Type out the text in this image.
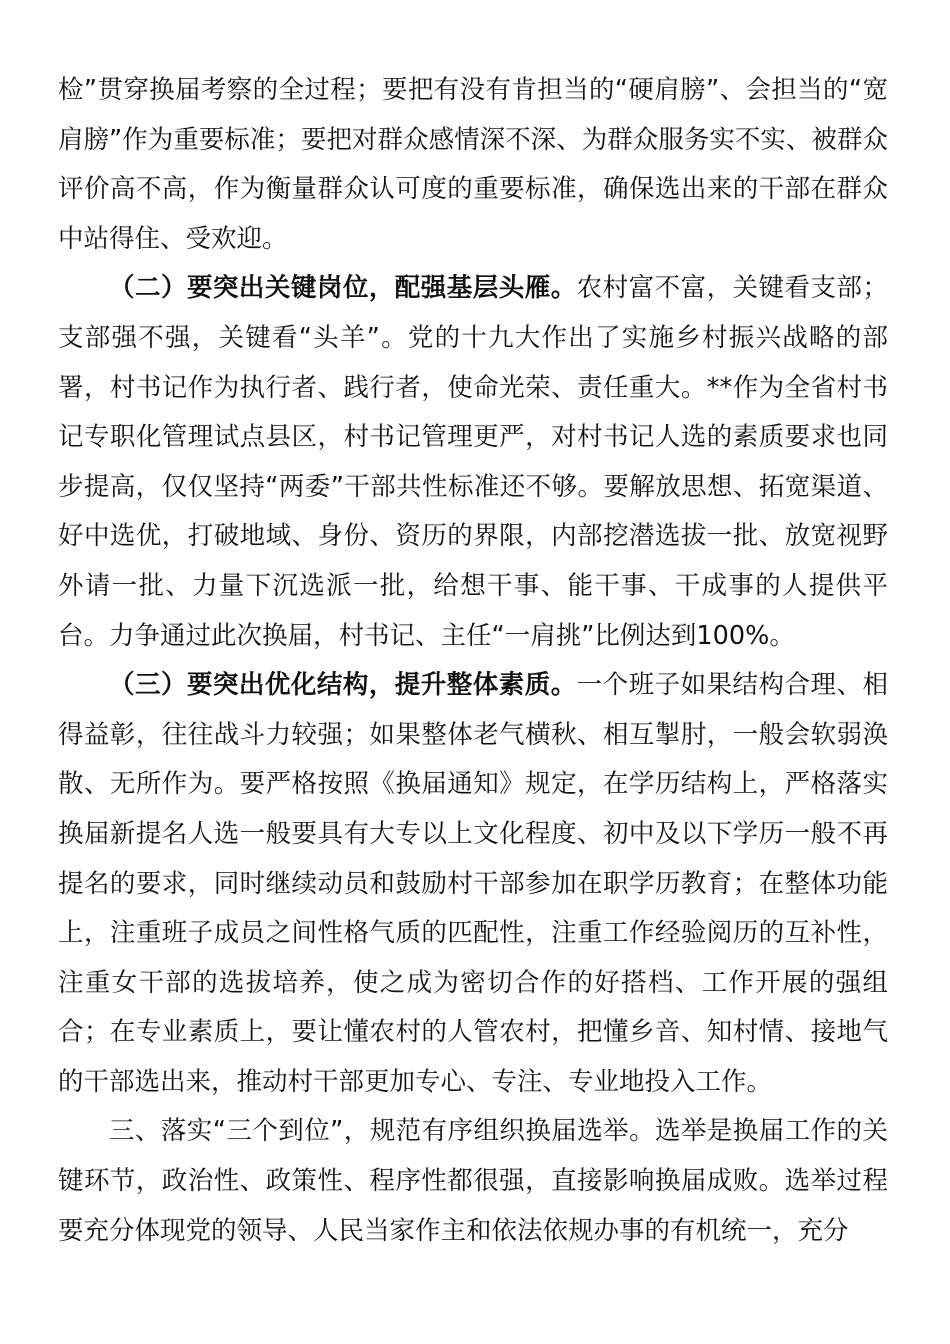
检”贯穿换届考察的全过程；要把有没有肯担当的“硬肩膀”、会担当的“宽肩膀”作为重要标准；要把对群众感情深不深、为群众服务实不实、被群众评价高不高，作为衡量群众认可度的重要标准，确保选出来的干部在群众中站得住、受欢迎。

（二）要突出关键岗位，配强基层头雁。农村富不富，关键看支部；支部强不强，关键看“头羊”。党的十九大作出了实施乡村振兴战略的部署，村书记作为执行者、践行者，使命光荣、责任重大。**作为全省村书记专职化管理试点县区，村书记管理更严，对村书记人选的素质要求也同步提高，仅仅坚持“两委”干部共性标准还不够。要解放思想、拓宽渠道、好中选优，打破地域、身份、资历的界限，内部挖潜选拔一批、放宽视野外请一批、力量下沉选派一批，给想干事、能干事、干成事的人提供平台。力争通过此次换届，村书记、主任“一肩挑”比例达到100%。

（三）要突出优化结构，提升整体素质。一个班子如果结构合理、相得益彰，往往战斗力较强；如果整体老气横秋、相互掣肘，一般会软弱涣散、无所作为。要严格按照《换届通知》规定，在学历结构上，严格落实换届新提名人选一般要具有大专以上文化程度、初中及以下学历一般不再提名的要求，同时继续动员和鼓励村干部参加在职学历教育；在整体功能上，注重班子成员之间性格气质的匹配性，注重工作经验阅历的互补性，注重女干部的选拔培养，使之成为密切合作的好搭档、工作开展的强组合；在专业素质上，要让懂农村的人管农村，把懂乡音、知村情、接地气的干部选出来，推动村干部更加专心、专注、专业地投入工作。

三、落实“三个到位”，规范有序组织换届选举。选举是换届工作的关键环节，政治性、政策性、程序性都很强，直接影响换届成败。选举过程要充分体现党的领导、人民当家作主和依法依规办事的有机统一，充分
